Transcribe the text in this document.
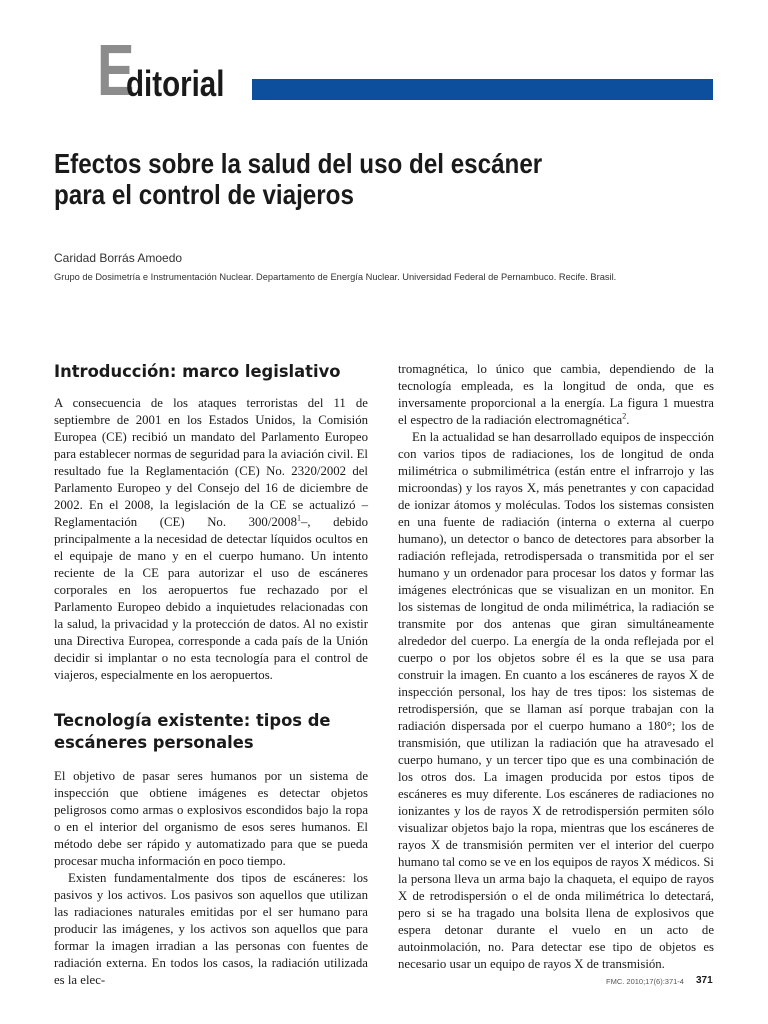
E
ditorial
Efectos sobre la salud del uso del escáner para el control de viajeros
Caridad Borrás Amoedo
Grupo de Dosimetría e Instrumentación Nuclear. Departamento de Energía Nuclear. Universidad Federal de Pernambuco. Recife. Brasil.
Introducción: marco legislativo

A consecuencia de los ataques terroristas del 11 de septiembre de 2001 en los Estados Unidos, la Comisión Europea (CE) recibió un mandato del Parlamento Europeo para establecer normas de seguridad para la aviación civil. El resultado fue la Reglamentación (CE) No. 2320/2002 del Parlamento Europeo y del Consejo del 16 de diciembre de 2002. En el 2008, la legislación de la CE se actualizó –Reglamentación (CE) No. 300/2008$^1$–, debido principalmente a la necesidad de detectar líquidos ocultos en el equipaje de mano y en el cuerpo humano. Un intento reciente de la CE para autorizar el uso de escáneres corporales en los aeropuertos fue rechazado por el Parlamento Europeo debido a inquietudes relacionadas con la salud, la privacidad y la protección de datos. Al no existir una Directiva Europea, corresponde a cada país de la Unión decidir si implantar o no esta tecnología para el control de viajeros, especialmente en los aeropuertos.

Tecnología existente: tipos de escáneres personales

El objetivo de pasar seres humanos por un sistema de inspección que obtiene imágenes es detectar objetos peligrosos como armas o explosivos escondidos bajo la ropa o en el interior del organismo de esos seres humanos. El método debe ser rápido y automatizado para que se pueda procesar mucha información en poco tiempo.

Existen fundamentalmente dos tipos de escáneres: los pasivos y los activos. Los pasivos son aquellos que utilizan las radiaciones naturales emitidas por el ser humano para producir las imágenes, y los activos son aquellos que para formar la imagen irradian a las personas con fuentes de radiación externa. En todos los casos, la radiación utilizada es la elec-

tromagnética, lo único que cambia, dependiendo de la tecnología empleada, es la longitud de onda, que es inversamente proporcional a la energía. La figura 1 muestra el espectro de la radiación electromagnética$^2$.

En la actualidad se han desarrollado equipos de inspección con varios tipos de radiaciones, los de longitud de onda milimétrica o submilimétrica (están entre el infrarrojo y las microondas) y los rayos X, más penetrantes y con capacidad de ionizar átomos y moléculas. Todos los sistemas consisten en una fuente de radiación (interna o externa al cuerpo humano), un detector o banco de detectores para absorber la radiación reflejada, retrodispersada o transmitida por el ser humano y un ordenador para procesar los datos y formar las imágenes electrónicas que se visualizan en un monitor. En los sistemas de longitud de onda milimétrica, la radiación se transmite por dos antenas que giran simultáneamente alrededor del cuerpo. La energía de la onda reflejada por el cuerpo o por los objetos sobre él es la que se usa para construir la imagen. En cuanto a los escáneres de rayos X de inspección personal, los hay de tres tipos: los sistemas de retrodispersión, que se llaman así porque trabajan con la radiación dispersada por el cuerpo humano a 180°; los de transmisión, que utilizan la radiación que ha atravesado el cuerpo humano, y un tercer tipo que es una combinación de los otros dos. La imagen producida por estos tipos de escáneres es muy diferente. Los escáneres de radiaciones no ionizantes y los de rayos X de retrodispersión permiten sólo visualizar objetos bajo la ropa, mientras que los escáneres de rayos X de transmisión permiten ver el interior del cuerpo humano tal como se ve en los equipos de rayos X médicos. Si la persona lleva un arma bajo la chaqueta, el equipo de rayos X de retrodispersión o el de onda milimétrica lo detectará, pero si se ha tragado una bolsita llena de explosivos que espera detonar durante el vuelo en un acto de autoinmolación, no. Para detectar ese tipo de objetos es necesario usar un equipo de rayos X de transmisión.

FMC. 2010;17(6):371-4 371
